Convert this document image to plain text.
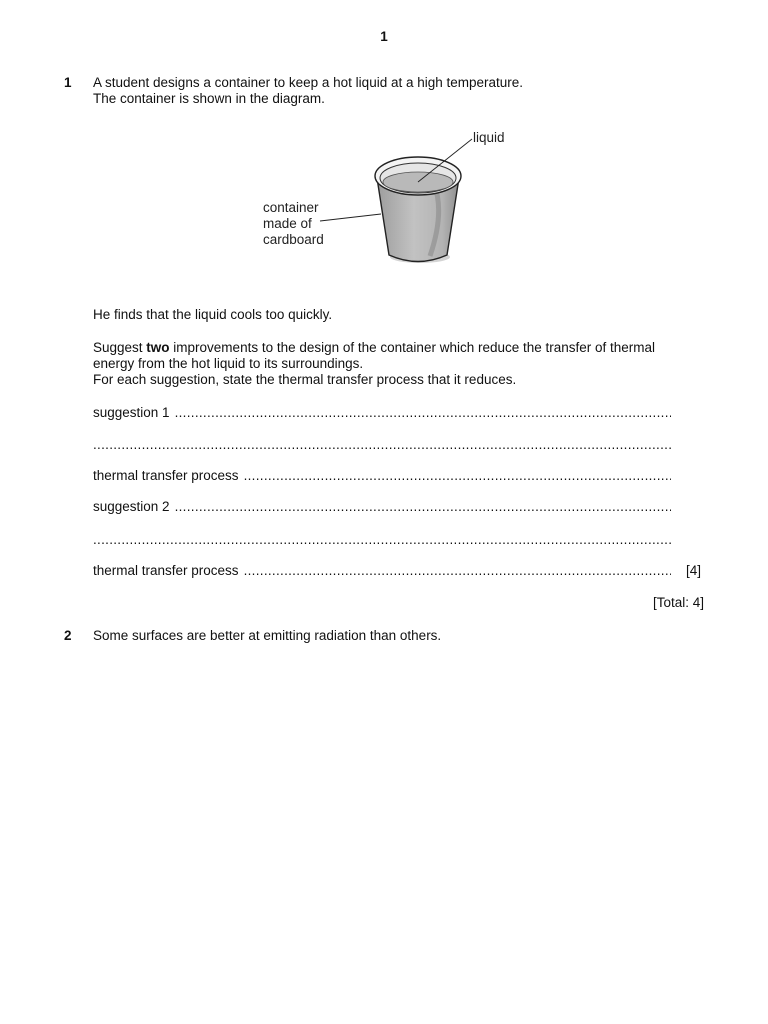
1
1 A student designs a container to keep a hot liquid at a high temperature.
The container is shown in the diagram.
liquid
container
made of
cardboard
He finds that the liquid cools too quickly.
Suggest two improvements to the design of the container which reduce the transfer of thermal
energy from the hot liquid to its surroundings.
For each suggestion, state the thermal transfer process that it reduces.
suggestion 1
.....
.....
thermal transfer process
.....
suggestion 2
.....
.....
thermal transfer process
.....	[4]
[Total: 4]
2 Some surfaces are better at emitting radiation than others.
